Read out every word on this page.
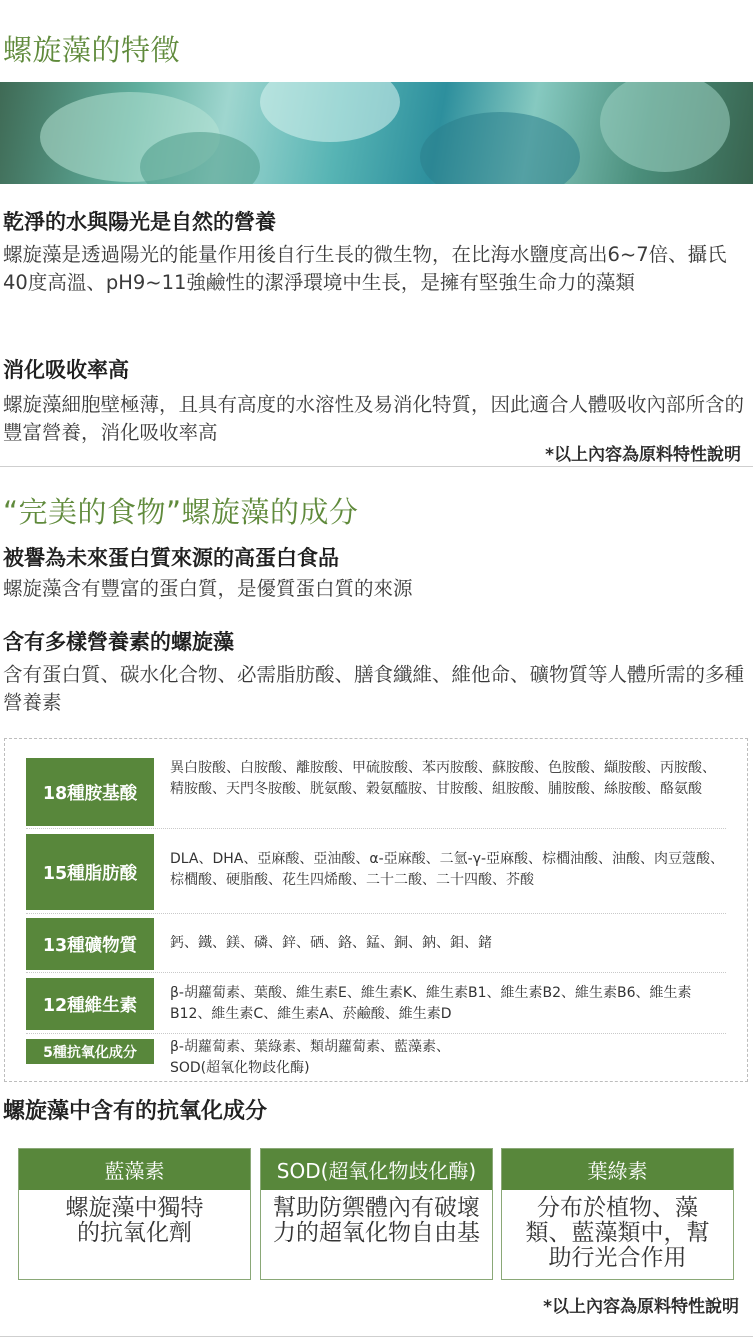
螺旋藻的特徵
乾淨的水與陽光是自然的營養
螺旋藻是透過陽光的能量作用後自行生長的微生物，在比海水鹽度高出6~7倍、攝氏40度高溫、pH9~11強鹼性的潔淨環境中生長，是擁有堅強生命力的藻類
消化吸收率高
螺旋藻細胞壁極薄，且具有高度的水溶性及易消化特質，因此適合人體吸收內部所含的豐富營養，消化吸收率高
*以上內容為原料特性說明
“完美的食物”螺旋藻的成分
被譽為未來蛋白質來源的高蛋白食品
螺旋藻含有豐富的蛋白質，是優質蛋白質的來源
含有多樣營養素的螺旋藻
含有蛋白質、碳水化合物、必需脂肪酸、膳食纖維、維他命、礦物質等人體所需的多種營養素
18種胺基酸
異白胺酸、白胺酸、離胺酸、甲硫胺酸、苯丙胺酸、蘇胺酸、色胺酸、纈胺酸、丙胺酸、精胺酸、天門冬胺酸、胱氨酸、穀氨醯胺、甘胺酸、組胺酸、脯胺酸、絲胺酸、酪氨酸
15種脂肪酸
DLA、DHA、亞麻酸、亞油酸、α-亞麻酸、二氫-γ-亞麻酸、棕櫚油酸、油酸、肉豆蔻酸、棕櫚酸、硬脂酸、花生四烯酸、二十二酸、二十四酸、芥酸
13種礦物質	鈣、鐵、鎂、磷、鋅、硒、鉻、錳、銅、鈉、鉬、鍺
12種維生素
β-胡蘿蔔素、葉酸、維生素E、維生素K、維生素B1、維生素B2、維生素B6、維生素B12、維生素C、維生素A、菸鹼酸、維生素D
5種抗氧化成分	β-胡蘿蔔素、葉綠素、類胡蘿蔔素、藍藻素、SOD(超氧化物歧化酶)
螺旋藻中含有的抗氧化成分
藍藻素
螺旋藻中獨特的抗氧化劑
SOD(超氧化物歧化酶)
幫助防禦體內有破壞力的超氧化物自由基
葉綠素
分布於植物、藻類、藍藻類中，幫助行光合作用
*以上內容為原料特性說明
